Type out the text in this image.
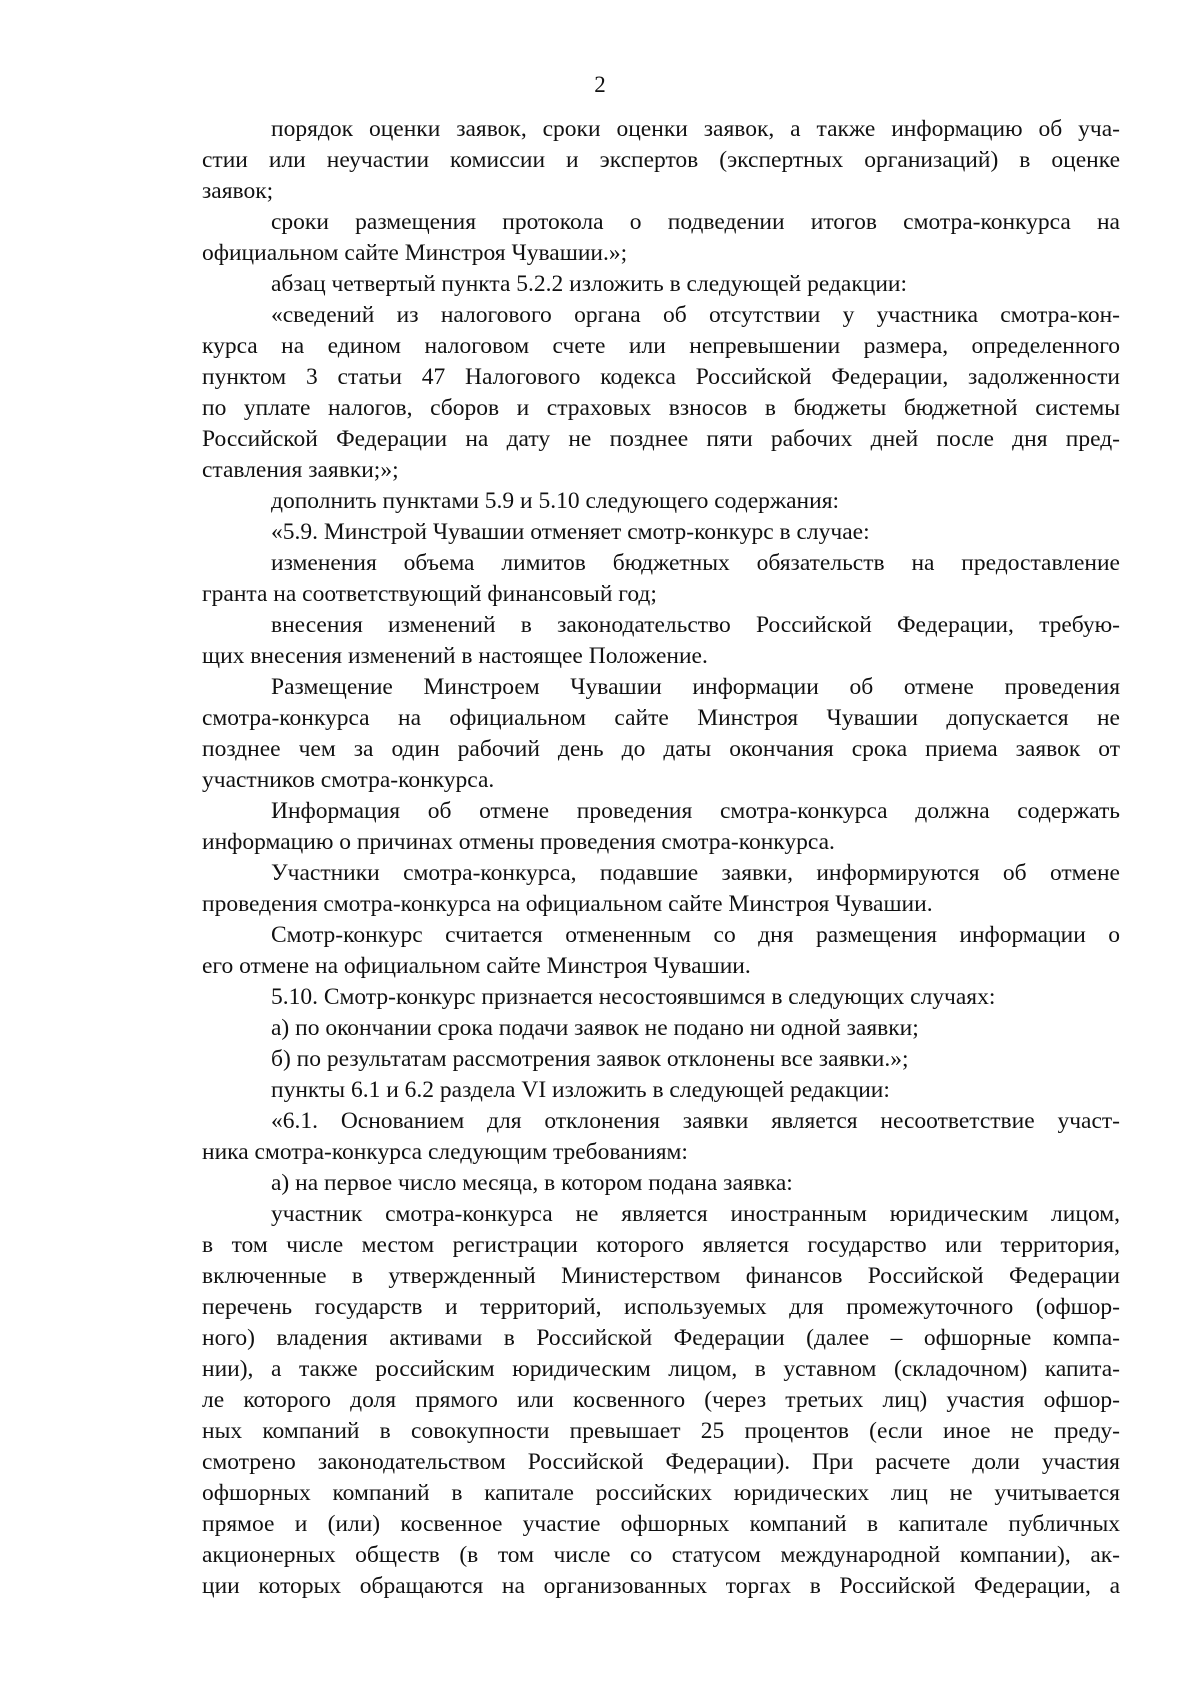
2
порядок оценки заявок, сроки оценки заявок, а также информацию об уча-
стии или неучастии комиссии и экспертов (экспертных организаций) в оценке
заявок;
сроки размещения протокола о подведении итогов смотра-конкурса на
официальном сайте Минстроя Чувашии.»;
абзац четвертый пункта 5.2.2 изложить в следующей редакции:
«сведений из налогового органа об отсутствии у участника смотра-кон-
курса на едином налоговом счете или непревышении размера, определенного
пунктом 3 статьи 47 Налогового кодекса Российской Федерации, задолженности
по уплате налогов, сборов и страховых взносов в бюджеты бюджетной системы
Российской Федерации на дату не позднее пяти рабочих дней после дня пред-
ставления заявки;»;
дополнить пунктами 5.9 и 5.10 следующего содержания:
«5.9. Минстрой Чувашии отменяет смотр-конкурс в случае:
изменения объема лимитов бюджетных обязательств на предоставление
гранта на соответствующий финансовый год;
внесения изменений в законодательство Российской Федерации, требую-
щих внесения изменений в настоящее Положение.
Размещение Минстроем Чувашии информации об отмене проведения
смотра-конкурса на официальном сайте Минстроя Чувашии допускается не
позднее чем за один рабочий день до даты окончания срока приема заявок от
участников смотра-конкурса.
Информация об отмене проведения смотра-конкурса должна содержать
информацию о причинах отмены проведения смотра-конкурса.
Участники смотра-конкурса, подавшие заявки, информируются об отмене
проведения смотра-конкурса на официальном сайте Минстроя Чувашии.
Смотр-конкурс считается отмененным со дня размещения информации о
его отмене на официальном сайте Минстроя Чувашии.
5.10. Смотр-конкурс признается несостоявшимся в следующих случаях:
а) по окончании срока подачи заявок не подано ни одной заявки;
б) по результатам рассмотрения заявок отклонены все заявки.»;
пункты 6.1 и 6.2 раздела VI изложить в следующей редакции:
«6.1. Основанием для отклонения заявки является несоответствие участ-
ника смотра-конкурса следующим требованиям:
а) на первое число месяца, в котором подана заявка:
участник смотра-конкурса не является иностранным юридическим лицом,
в том числе местом регистрации которого является государство или территория,
включенные в утвержденный Министерством финансов Российской Федерации
перечень государств и территорий, используемых для промежуточного (офшор-
ного) владения активами в Российской Федерации (далее – офшорные компа-
нии), а также российским юридическим лицом, в уставном (складочном) капита-
ле которого доля прямого или косвенного (через третьих лиц) участия офшор-
ных компаний в совокупности превышает 25 процентов (если иное не преду-
смотрено законодательством Российской Федерации). При расчете доли участия
офшорных компаний в капитале российских юридических лиц не учитывается
прямое и (или) косвенное участие офшорных компаний в капитале публичных
акционерных обществ (в том числе со статусом международной компании), ак-
ции которых обращаются на организованных торгах в Российской Федерации, а
